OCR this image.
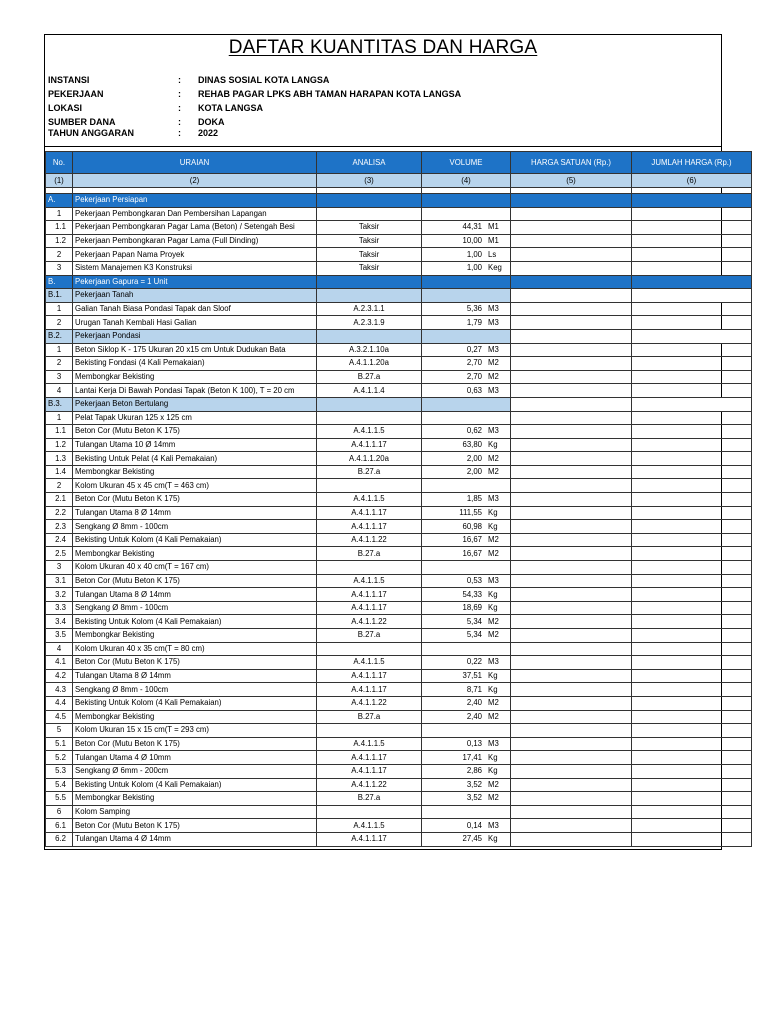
DAFTAR KUANTITAS DAN HARGA
INSTANSI	:	DINAS SOSIAL KOTA LANGSA
PEKERJAAN	:	REHAB PAGAR LPKS ABH TAMAN HARAPAN KOTA LANGSA
LOKASI	:	KOTA LANGSA
SUMBER DANA	:	DOKA
TAHUN ANGGARAN	:	2022
No.	URAIAN	ANALISA	VOLUME	HARGA SATUAN (Rp.)	JUMLAH HARGA (Rp.)
(1)	(2)	(3)	(4)	(5)	(6)

A.	Pekerjaan Persiapan				
1	Pekerjaan Pembongkaran Dan Pembersihan Lapangan		

1.1	Pekerjaan Pembongkaran Pagar Lama (Beton) / Setengah Besi	Taksir	44,31 M1		

1.2	Pekerjaan Pembongkaran Pagar Lama (Full Dinding)	Taksir	10,00 M1		

2	Pekerjaan Papan Nama Proyek	Taksir	1,00 Ls		

3	Sistem Manajemen K3 Konstruksi	Taksir	1,00 Keg		

B.	Pekerjaan Gapura = 1 Unit				
B.1.	Pekerjaan Tanah				
1	Galian Tanah Biasa Pondasi Tapak dan Sloof	A.2.3.1.1	5,36 M3		

2	Urugan Tanah Kembali Hasi Galian	A.2.3.1.9	1,79 M3		

B.2.	Pekerjaan Pondasi				
1	Beton Siklop K - 175 Ukuran 20 x15 cm Untuk Dudukan Bata	A.3.2.1.10a	0,27 M3		

2	Bekisting Fondasi (4 Kali Pemakaian)	A.4.1.1.20a	2,70 M2		

3	Membongkar Bekisting	B.27.a	2,70 M2		

4	Lantai Kerja Di Bawah Pondasi Tapak (Beton K 100), T = 20 cm	A.4.1.1.4	0,63 M3		

B.3.	Pekerjaan Beton Bertulang				
1	Pelat Tapak Ukuran 125 x 125 cm		

1.1	Beton Cor (Mutu Beton K 175)	A.4.1.1.5	0,62 M3		

1.2	Tulangan Utama 10 Ø 14mm	A.4.1.1.17	63,80 Kg		

1.3	Bekisting Untuk Pelat (4 Kali Pemakaian)	A.4.1.1.20a	2,00 M2		

1.4	Membongkar Bekisting	B.27.a	2,00 M2		

2	Kolom Ukuran 45 x 45 cm(T = 463 cm)		

2.1	Beton Cor (Mutu Beton K 175)	A.4.1.1.5	1,85 M3		

2.2	Tulangan Utama 8 Ø 14mm	A.4.1.1.17	111,55 Kg		

2.3	Sengkang Ø 8mm - 100cm	A.4.1.1.17	60,98 Kg		

2.4	Bekisting Untuk Kolom (4 Kali Pemakaian)	A.4.1.1.22	16,67 M2		

2.5	Membongkar Bekisting	B.27.a	16,67 M2		

3	Kolom Ukuran 40 x 40 cm(T = 167 cm)		

3.1	Beton Cor (Mutu Beton K 175)	A.4.1.1.5	0,53 M3		

3.2	Tulangan Utama 8 Ø 14mm	A.4.1.1.17	54,33 Kg		

3.3	Sengkang Ø 8mm - 100cm	A.4.1.1.17	18,69 Kg		

3.4	Bekisting Untuk Kolom (4 Kali Pemakaian)	A.4.1.1.22	5,34 M2		

3.5	Membongkar Bekisting	B.27.a	5,34 M2		

4	Kolom Ukuran 40 x 35 cm(T = 80 cm)		

4.1	Beton Cor (Mutu Beton K 175)	A.4.1.1.5	0,22 M3		

4.2	Tulangan Utama 8 Ø 14mm	A.4.1.1.17	37,51 Kg		

4.3	Sengkang Ø 8mm - 100cm	A.4.1.1.17	8,71 Kg		

4.4	Bekisting Untuk Kolom (4 Kali Pemakaian)	A.4.1.1.22	2,40 M2		

4.5	Membongkar Bekisting	B.27.a	2,40 M2		

5	Kolom Ukuran 15 x 15 cm(T = 293 cm)		

5.1	Beton Cor (Mutu Beton K 175)	A.4.1.1.5	0,13 M3		

5.2	Tulangan Utama 4 Ø 10mm	A.4.1.1.17	17,41 Kg		

5.3	Sengkang Ø 6mm - 200cm	A.4.1.1.17	2,86 Kg		

5.4	Bekisting Untuk Kolom (4 Kali Pemakaian)	A.4.1.1.22	3,52 M2		

5.5	Membongkar Bekisting	B.27.a	3,52 M2		

6	Kolom Samping		

6.1	Beton Cor (Mutu Beton K 175)	A.4.1.1.5	0,14 M3		

6.2	Tulangan Utama 4 Ø 14mm	A.4.1.1.17	27,45 Kg		
